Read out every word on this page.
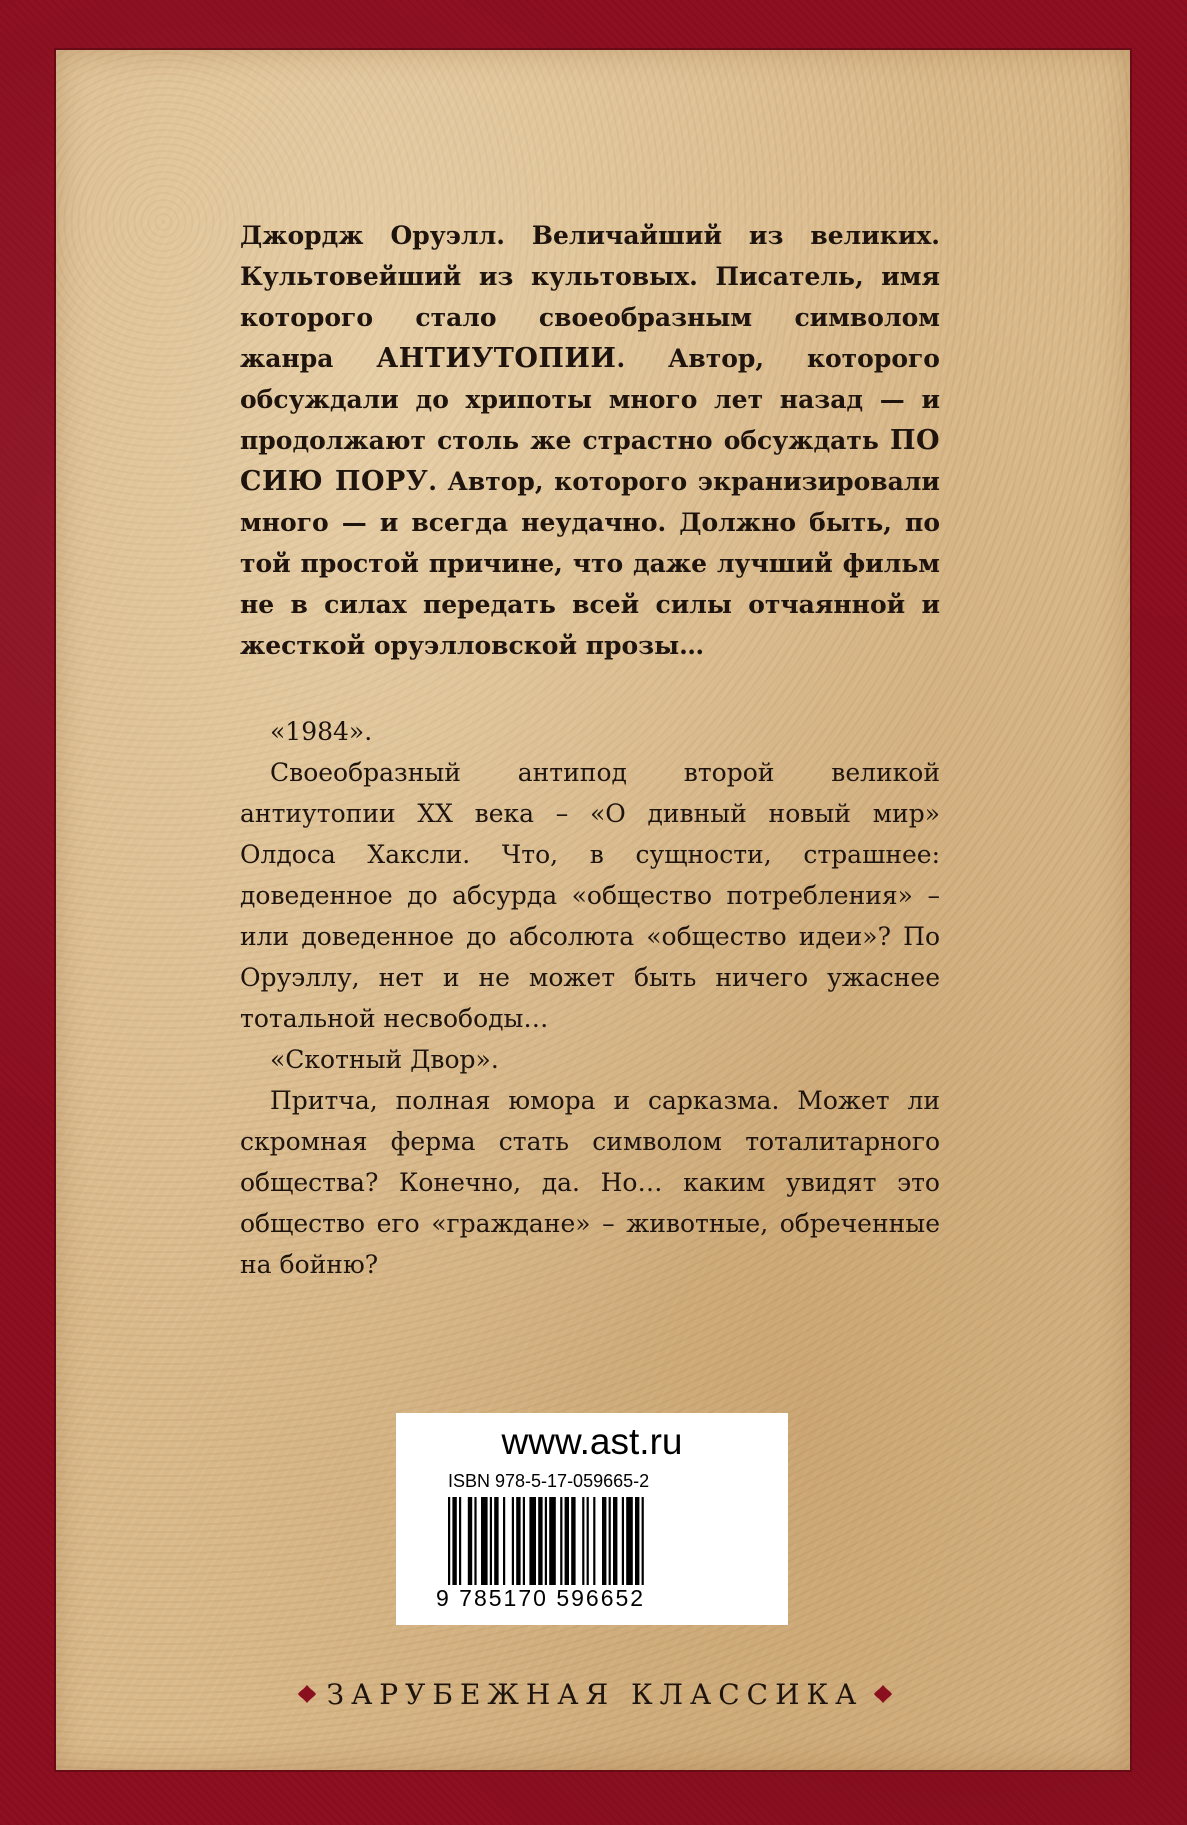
Джордж Оруэлл. Величайший из великих. Культовейший из культовых. Писатель, имя которого стало своеобразным символом жанра АНТИУТОПИИ. Автор, которого обсуждали до хрипоты много лет назад — и продолжают столь же страстно обсуждать ПО СИЮ ПОРУ. Автор, которого экранизировали много — и всегда неудачно. Должно быть, по той простой причине, что даже лучший фильм не в силах передать всей силы отчаянной и жесткой оруэлловской прозы…

«1984».

Своеобразный антипод второй великой антиутопии XX века – «О дивный новый мир» Олдоса Хаксли. Что, в сущности, страшнее: доведенное до абсурда «общество потребления» – или доведенное до абсолюта «общество идеи»? По Оруэллу, нет и не может быть ничего ужаснее тотальной несвободы…

«Скотный Двор».

Притча, полная юмора и сарказма. Может ли скромная ферма стать символом тоталитарного общества? Конечно, да. Но… каким увидят это общество его «граждане» – животные, обреченные на бойню?

www.ast.ru
ISBN 978-5-17-059665-2
9 785170 596652
ЗАРУБЕЖНАЯ КЛАССИКА
